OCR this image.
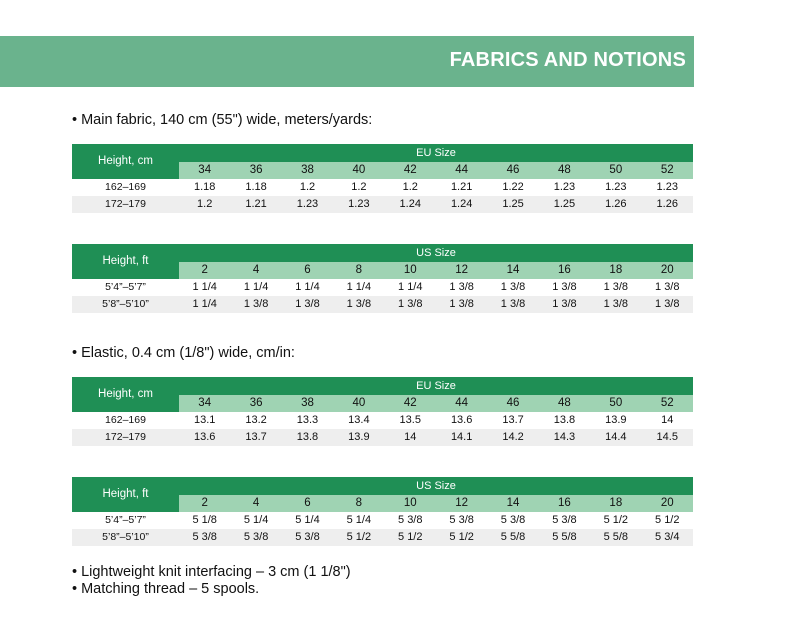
FABRICS AND NOTIONS
• Main fabric, 140 cm (55") wide, meters/yards:
Height, cm	EU Size									
	34	36	38	40	42	44	46	48	50	52
162–169	1.18	1.18	1.2	1.2	1.2	1.21	1.22	1.23	1.23	1.23
172–179	1.2	1.21	1.23	1.23	1.24	1.24	1.25	1.25	1.26	1.26
Height, ft	US Size									
	2	4	6	8	10	12	14	16	18	20
5’4”–5’7”	1 1/4	1 1/4	1 1/4	1 1/4	1 1/4	1 3/8	1 3/8	1 3/8	1 3/8	1 3/8
5’8”–5’10”	1 1/4	1 3/8	1 3/8	1 3/8	1 3/8	1 3/8	1 3/8	1 3/8	1 3/8	1 3/8
• Elastic, 0.4 cm (1/8") wide, cm/in:
Height, cm	EU Size									
	34	36	38	40	42	44	46	48	50	52
162–169	13.1	13.2	13.3	13.4	13.5	13.6	13.7	13.8	13.9	14
172–179	13.6	13.7	13.8	13.9	14	14.1	14.2	14.3	14.4	14.5
Height, ft	US Size									
	2	4	6	8	10	12	14	16	18	20
5’4”–5’7”	5 1/8	5 1/4	5 1/4	5 1/4	5 3/8	5 3/8	5 3/8	5 3/8	5 1/2	5 1/2
5’8”–5’10”	5 3/8	5 3/8	5 3/8	5 1/2	5 1/2	5 1/2	5 5/8	5 5/8	5 5/8	5 3/4
• Lightweight knit interfacing – 3 cm (1 1/8")
• Matching thread – 5 spools.
